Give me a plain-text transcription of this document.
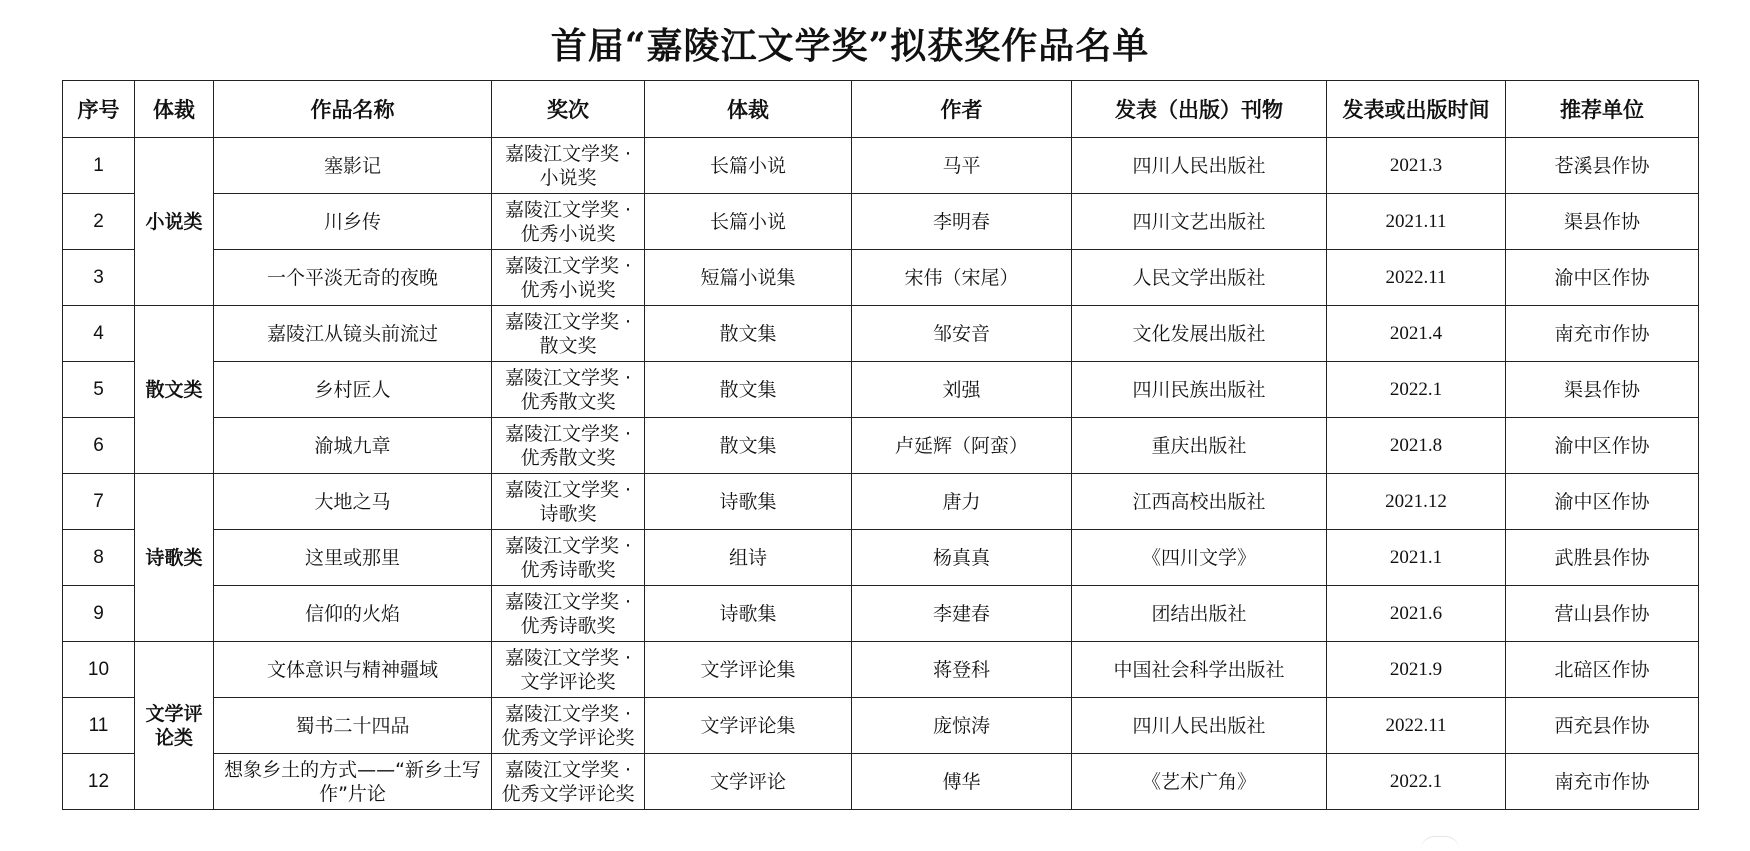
首届“嘉陵江文学奖”拟获奖作品名单
序号	体裁	作品名称	奖次	体裁	作者	发表（出版）刊物	发表或出版时间	推荐单位
1	小说类	塞影记	嘉陵江文学奖 · 小说奖	长篇小说	马平	四川人民出版社	2021.3	苍溪县作协
2		川乡传	嘉陵江文学奖 · 优秀小说奖	长篇小说	李明春	四川文艺出版社	2021.11	渠县作协
3		一个平淡无奇的夜晚	嘉陵江文学奖 · 优秀小说奖	短篇小说集	宋伟（宋尾）	人民文学出版社	2022.11	渝中区作协
4	散文类	嘉陵江从镜头前流过	嘉陵江文学奖 · 散文奖	散文集	邹安音	文化发展出版社	2021.4	南充市作协
5		乡村匠人	嘉陵江文学奖 · 优秀散文奖	散文集	刘强	四川民族出版社	2022.1	渠县作协
6		渝城九章	嘉陵江文学奖 · 优秀散文奖	散文集	卢延辉（阿蛮）	重庆出版社	2021.8	渝中区作协
7	诗歌类	大地之马	嘉陵江文学奖 · 诗歌奖	诗歌集	唐力	江西高校出版社	2021.12	渝中区作协
8		这里或那里	嘉陵江文学奖 · 优秀诗歌奖	组诗	杨真真	《四川文学》	2021.1	武胜县作协
9		信仰的火焰	嘉陵江文学奖 · 优秀诗歌奖	诗歌集	李建春	团结出版社	2021.6	营山县作协
10	文学评论类	文体意识与精神疆域	嘉陵江文学奖 · 文学评论奖	文学评论集	蒋登科	中国社会科学出版社	2021.9	北碚区作协
11		蜀书二十四品	嘉陵江文学奖 · 优秀文学评论奖	文学评论集	庞惊涛	四川人民出版社	2022.11	西充县作协
12		想象乡土的方式——“新乡土写作”片论	嘉陵江文学奖 · 优秀文学评论奖	文学评论	傅华	《艺术广角》	2022.1	南充市作协
